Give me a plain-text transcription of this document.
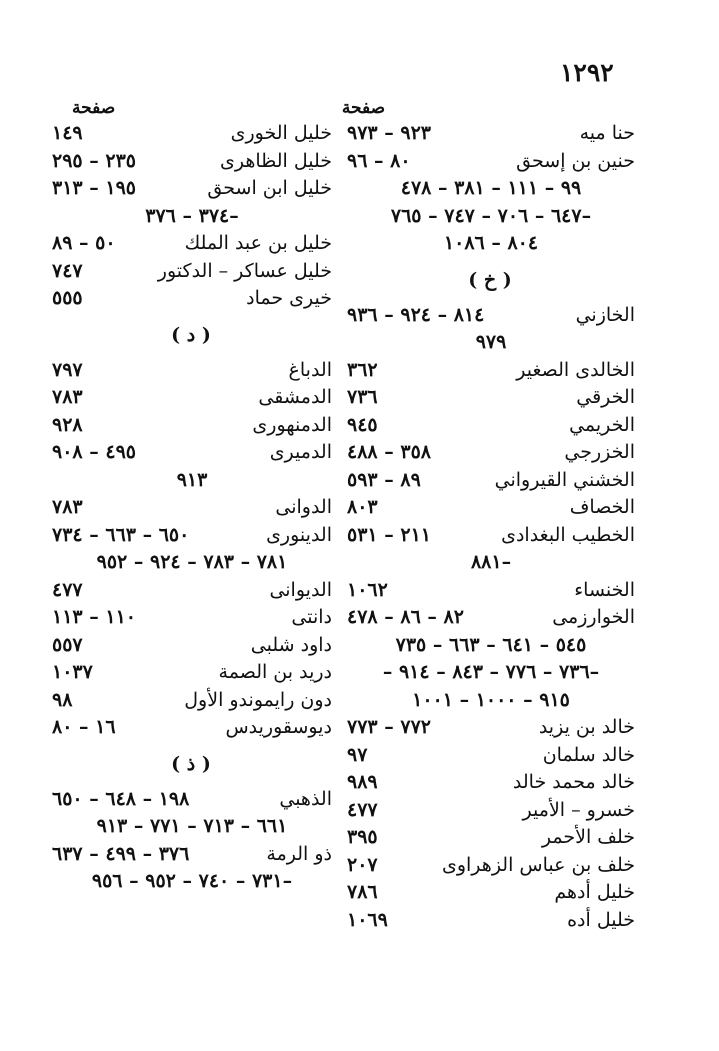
١٢٩٢
صفحة
حنا ميه
٩٢٣ – ٩٧٣
حنين بن إسحق
٨٠ – ٩٦
٩٩ – ١١١ – ٣٨١ – ٤٧٨
–٦٤٧ – ٧٠٦ – ٧٤٧ – ٧٦٥
٨٠٤ – ١٠٨٦
( خ )
الخازني
٨١٤ – ٩٢٤ – ٩٣٦
٩٧٩
الخالدى الصغير
٣٦٢
الخرقي
٧٣٦
الخريمي
٩٤٥
الخزرجي
٣٥٨ – ٤٨٨
الخشني القيرواني
٨٩ – ٥٩٣
الخصاف
٨٠٣
الخطيب البغدادى
٢١١ – ٥٣١
–٨٨١
الخنساء
١٠٦٢
الخوارزمى
٨٢ – ٨٦ – ٤٧٨
٥٤٥ – ٦٤١ – ٦٦٣ – ٧٣٥
–٧٣٦ – ٧٧٦ – ٨٤٣ – ٩١٤ –
٩١٥ – ١٠٠٠ – ١٠٠١
خالد بن يزيد
٧٧٢ – ٧٧٣
خالد سلمان
٩٧
خالد محمد خالد
٩٨٩
خسرو – الأمير
٤٧٧
خلف الأحمر
٣٩٥
خلف بن عباس الزهراوى
٢٠٧
خليل أدهم
٧٨٦
خليل أده
١٠٦٩
صفحة
خليل الخورى
١٤٩
خليل الظاهرى
٢٣٥ – ٢٩٥
خليل ابن اسحق
١٩٥ – ٣١٣
–٣٧٤ – ٣٧٦
خليل بن عبد الملك
٥٠ – ٨٩
خليل عساكر – الدكتور
٧٤٧
خيرى حماد
٥٥٥
( د )
الدباغ
٧٩٧
الدمشقى
٧٨٣
الدمنهورى
٩٢٨
الدميرى
٤٩٥ – ٩٠٨
٩١٣
الدوانى
٧٨٣
الدينورى
٦٥٠ – ٦٦٣ – ٧٣٤
٧٨١ – ٧٨٣ – ٩٢٤ – ٩٥٢
الديوانى
٤٧٧
دانتى
١١٠ – ١١٣
داود شلبى
٥٥٧
دريد بن الصمة
١٠٣٧
دون رايموندو الأول
٩٨
ديوسقوريدس
١٦ – ٨٠
( ذ )
الذهبي
١٩٨ – ٦٤٨ – ٦٥٠
٦٦١ – ٧١٣ – ٧٧١ – ٩١٣
ذو الرمة
٣٧٦ – ٤٩٩ – ٦٣٧
–٧٣١ – ٧٤٠ – ٩٥٢ – ٩٥٦
